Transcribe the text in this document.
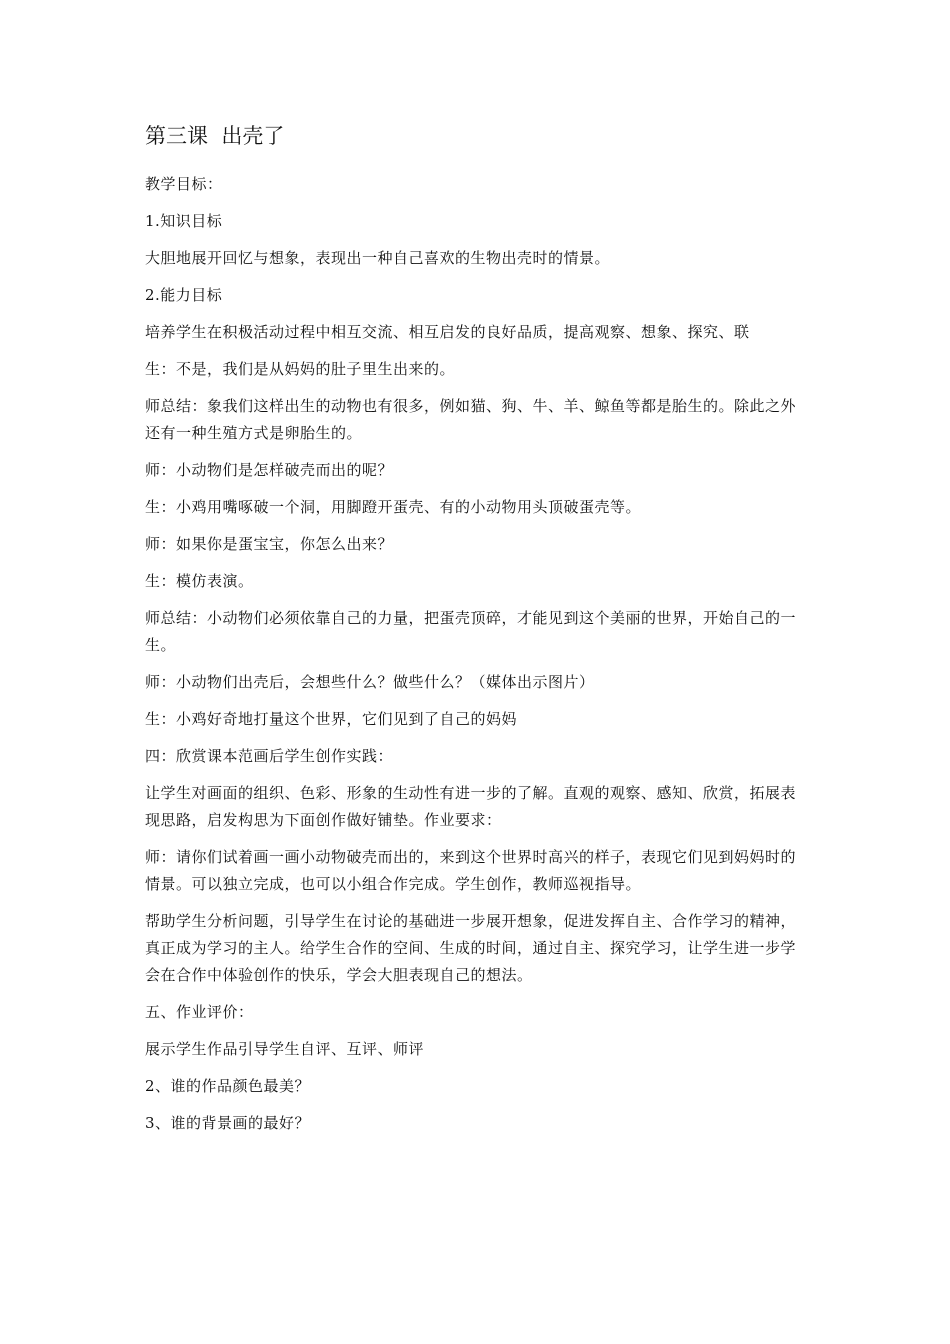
第三课  出壳了

教学目标：

1.知识目标

大胆地展开回忆与想象，表现出一种自己喜欢的生物出壳时的情景。

2.能力目标

培养学生在积极活动过程中相互交流、相互启发的良好品质，提高观察、想象、探究、联

生：不是，我们是从妈妈的肚子里生出来的。

师总结：象我们这样出生的动物也有很多，例如猫、狗、牛、羊、鲸鱼等都是胎生的。除此之外还有一种生殖方式是卵胎生的。

师：小动物们是怎样破壳而出的呢？

生：小鸡用嘴啄破一个洞，用脚蹬开蛋壳、有的小动物用头顶破蛋壳等。

师：如果你是蛋宝宝，你怎么出来？

生：模仿表演。

师总结：小动物们必须依靠自己的力量，把蛋壳顶碎，才能见到这个美丽的世界，开始自己的一生。

师：小动物们出壳后，会想些什么？做些什么？（媒体出示图片）

生：小鸡好奇地打量这个世界，它们见到了自己的妈妈

四：欣赏课本范画后学生创作实践：

让学生对画面的组织、色彩、形象的生动性有进一步的了解。直观的观察、感知、欣赏，拓展表现思路，启发构思为下面创作做好铺垫。作业要求：

师：请你们试着画一画小动物破壳而出的，来到这个世界时高兴的样子，表现它们见到妈妈时的情景。可以独立完成，也可以小组合作完成。学生创作，教师巡视指导。

帮助学生分析问题，引导学生在讨论的基础进一步展开想象，促进发挥自主、合作学习的精神，真正成为学习的主人。给学生合作的空间、生成的时间，通过自主、探究学习，让学生进一步学会在合作中体验创作的快乐，学会大胆表现自己的想法。

五、作业评价：

展示学生作品引导学生自评、互评、师评

2、谁的作品颜色最美？

3、谁的背景画的最好？
